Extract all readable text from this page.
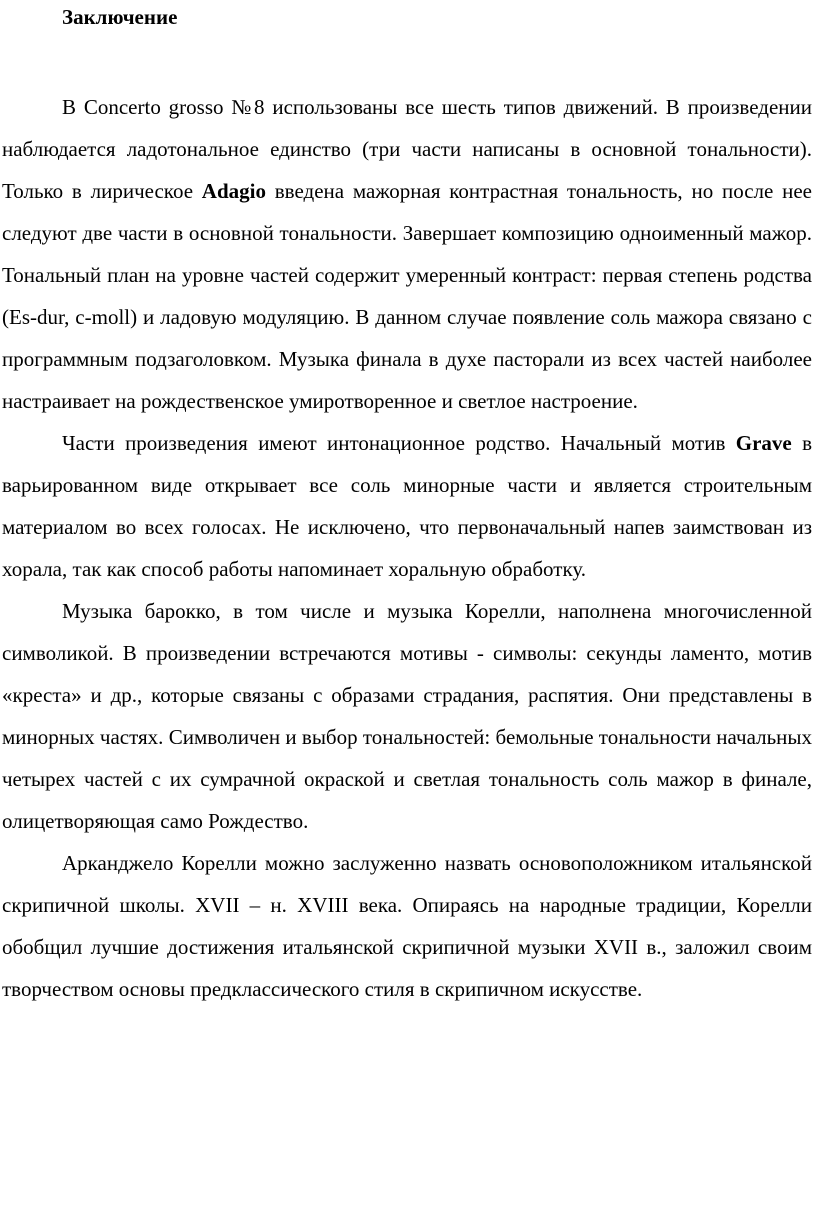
Заключение

В Concerto grosso №8 использованы все шесть типов движений. В произведении наблюдается ладотональное единство (три части написаны в основной тональности). Только в лирическое Adagio введена мажорная контрастная тональность, но после нее следуют две части в основной тональности. Завершает композицию одноименный мажор. Тональный план на уровне частей содержит умеренный контраст: первая степень родства (Es-dur, c-moll) и ладовую модуляцию. В данном случае появление соль мажора связано с программным подзаголовком. Музыка финала в духе пасторали из всех частей наиболее настраивает на рождественское умиротворенное и светлое настроение.

Части произведения имеют интонационное родство. Начальный мотив Grave в варьированном виде открывает все соль минорные части и является строительным материалом во всех голосах. Не исключено, что первоначальный напев заимствован из хорала, так как способ работы напоминает хоральную обработку.

Музыка барокко, в том числе и музыка Корелли, наполнена многочисленной символикой. В произведении встречаются мотивы - символы: секунды ламенто, мотив «креста» и др., которые связаны с образами страдания, распятия. Они представлены в минорных частях. Символичен и выбор тональностей: бемольные тональности начальных четырех частей с их сумрачной окраской и светлая тональность соль мажор в финале, олицетворяющая само Рождество.

Арканджело Корелли можно заслуженно назвать основоположником итальянской скрипичной школы. XVII – н. XVIII века. Опираясь на народные традиции, Корелли обобщил лучшие достижения итальянской скрипичной музыки XVII в., заложил своим творчеством основы предклассического стиля в скрипичном искусстве.
